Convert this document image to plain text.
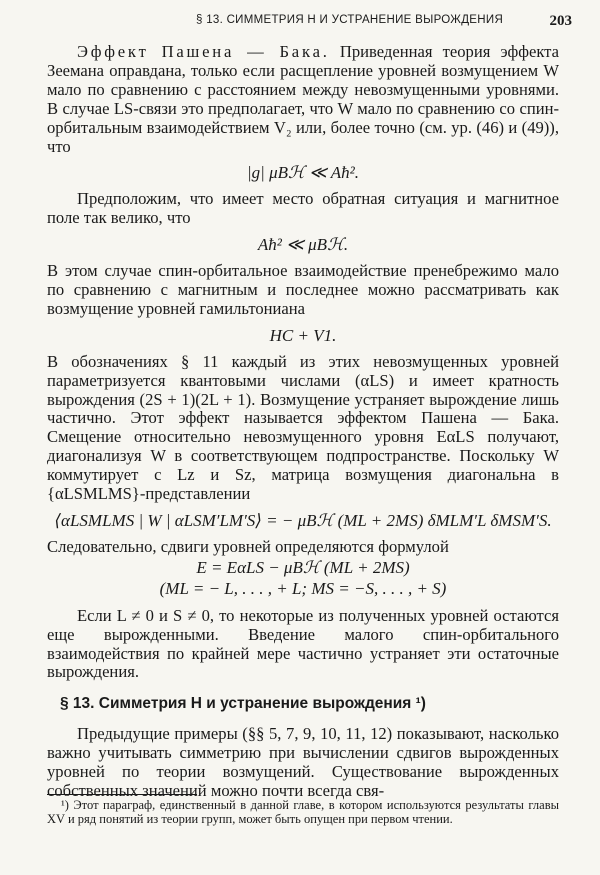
§ 13. СИММЕТРИЯ H И УСТРАНЕНИЕ ВЫРОЖДЕНИЯ	203

Эффект Пашена — Бака. Приведенная теория эффекта Зеемана оправдана, только если расщепление уровней возмущением W мало по сравнению с расстоянием между невозмущенными уровнями. В случае LS-связи это предполагает, что W мало по сравнению со спин-орбитальным взаимодействием V₂ или, более точно (см. ур. (46) и (49)), что

|g| μBℋ ≪ Aħ².

Предположим, что имеет место обратная ситуация и магнитное поле так велико, что

Aħ² ≪ μBℋ.

В этом случае спин-орбитальное взаимодействие пренебрежимо мало по сравнению с магнитным и последнее можно рассматривать как возмущение уровней гамильтониана

HC + V1.

В обозначениях § 11 каждый из этих невозмущенных уровней параметризуется квантовыми числами (αLS) и имеет кратность вырождения (2S + 1)(2L + 1). Возмущение устраняет вырождение лишь частично. Этот эффект называется эффектом Пашена — Бака. Смещение относительно невозмущенного уровня EαLS получают, диагонализуя W в соответствующем подпространстве. Поскольку W коммутирует с Lz и Sz, матрица возмущения диагональна в {αLSMLMS}-представлении

⟨αLSMLMS | W | αLSM′LM′S⟩ = − μBℋ (ML + 2MS) δMLM′L δMSM′S.

Следовательно, сдвиги уровней определяются формулой

E = EαLS − μBℋ (ML + 2MS)
(ML = − L, . . . , + L; MS = −S, . . . , + S)

Если L ≠ 0 и S ≠ 0, то некоторые из полученных уровней остаются еще вырожденными. Введение малого спин-орбитального взаимодействия по крайней мере частично устраняет эти остаточные вырождения.

§ 13. Симметрия H и устранение вырождения ¹)

Предыдущие примеры (§§ 5, 7, 9, 10, 11, 12) показывают, насколько важно учитывать симметрию при вычислении сдвигов вырожденных уровней по теории возмущений. Существование вырожденных собственных значений можно почти всегда свя-

¹) Этот параграф, единственный в данной главе, в котором используются результаты главы XV и ряд понятий из теории групп, может быть опущен при первом чтении.
